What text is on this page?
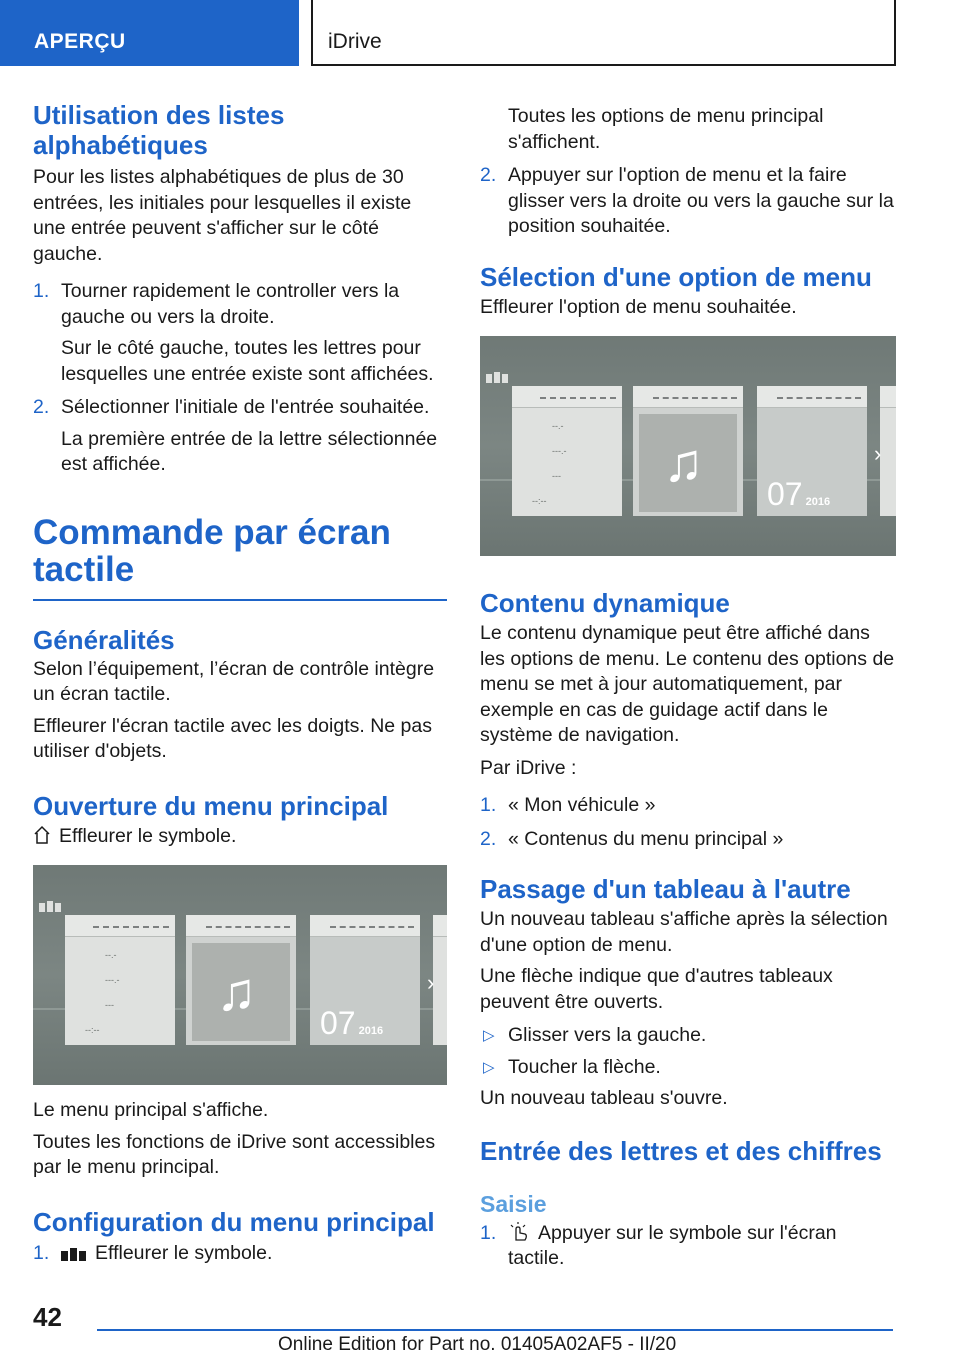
APERÇU	iDrive
Utilisation des listes alphabétiques
Pour les listes alphabétiques de plus de 30 entrées, les initiales pour lesquelles il existe une entrée peuvent s'afficher sur le côté gauche.
1. Tourner rapidement le controller vers la gauche ou vers la droite.
Sur le côté gauche, toutes les lettres pour lesquelles une entrée existe sont affichées.
2. Sélectionner l'initiale de l'entrée souhaitée.
La première entrée de la lettre sélectionnée est affichée.
Commande par écran tactile
Généralités
Selon l’équipement, l’écran de contrôle intègre un écran tactile.
Effleurer l'écran tactile avec les doigts. Ne pas utiliser d'objets.
Ouverture du menu principal
Effleurer le symbole.
--.-
---.-
---
--:--
♫
07 2016
›
Le menu principal s'affiche.
Toutes les fonctions de iDrive sont accessibles par le menu principal.
Configuration du menu principal
1. Effleurer le symbole.
Toutes les options de menu principal s'affichent.
2. Appuyer sur l'option de menu et la faire glisser vers la droite ou vers la gauche sur la position souhaitée.
Sélection d'une option de menu
Effleurer l'option de menu souhaitée.
--.-
---.-
---
--:--
♫
07 2016
›
Contenu dynamique
Le contenu dynamique peut être affiché dans les options de menu. Le contenu des options de menu se met à jour automatiquement, par exemple en cas de guidage actif dans le système de navigation.
Par iDrive :
1. « Mon véhicule »
2. « Contenus du menu principal »
Passage d'un tableau à l'autre
Un nouveau tableau s'affiche après la sélection d'une option de menu.
Une flèche indique que d'autres tableaux peuvent être ouverts.
▷ Glisser vers la gauche.
▷ Toucher la flèche.
Un nouveau tableau s'ouvre.
Entrée des lettres et des chiffres
Saisie
1. Appuyer sur le symbole sur l'écran tactile.
42
Online Edition for Part no. 01405A02AF5 - II/20
